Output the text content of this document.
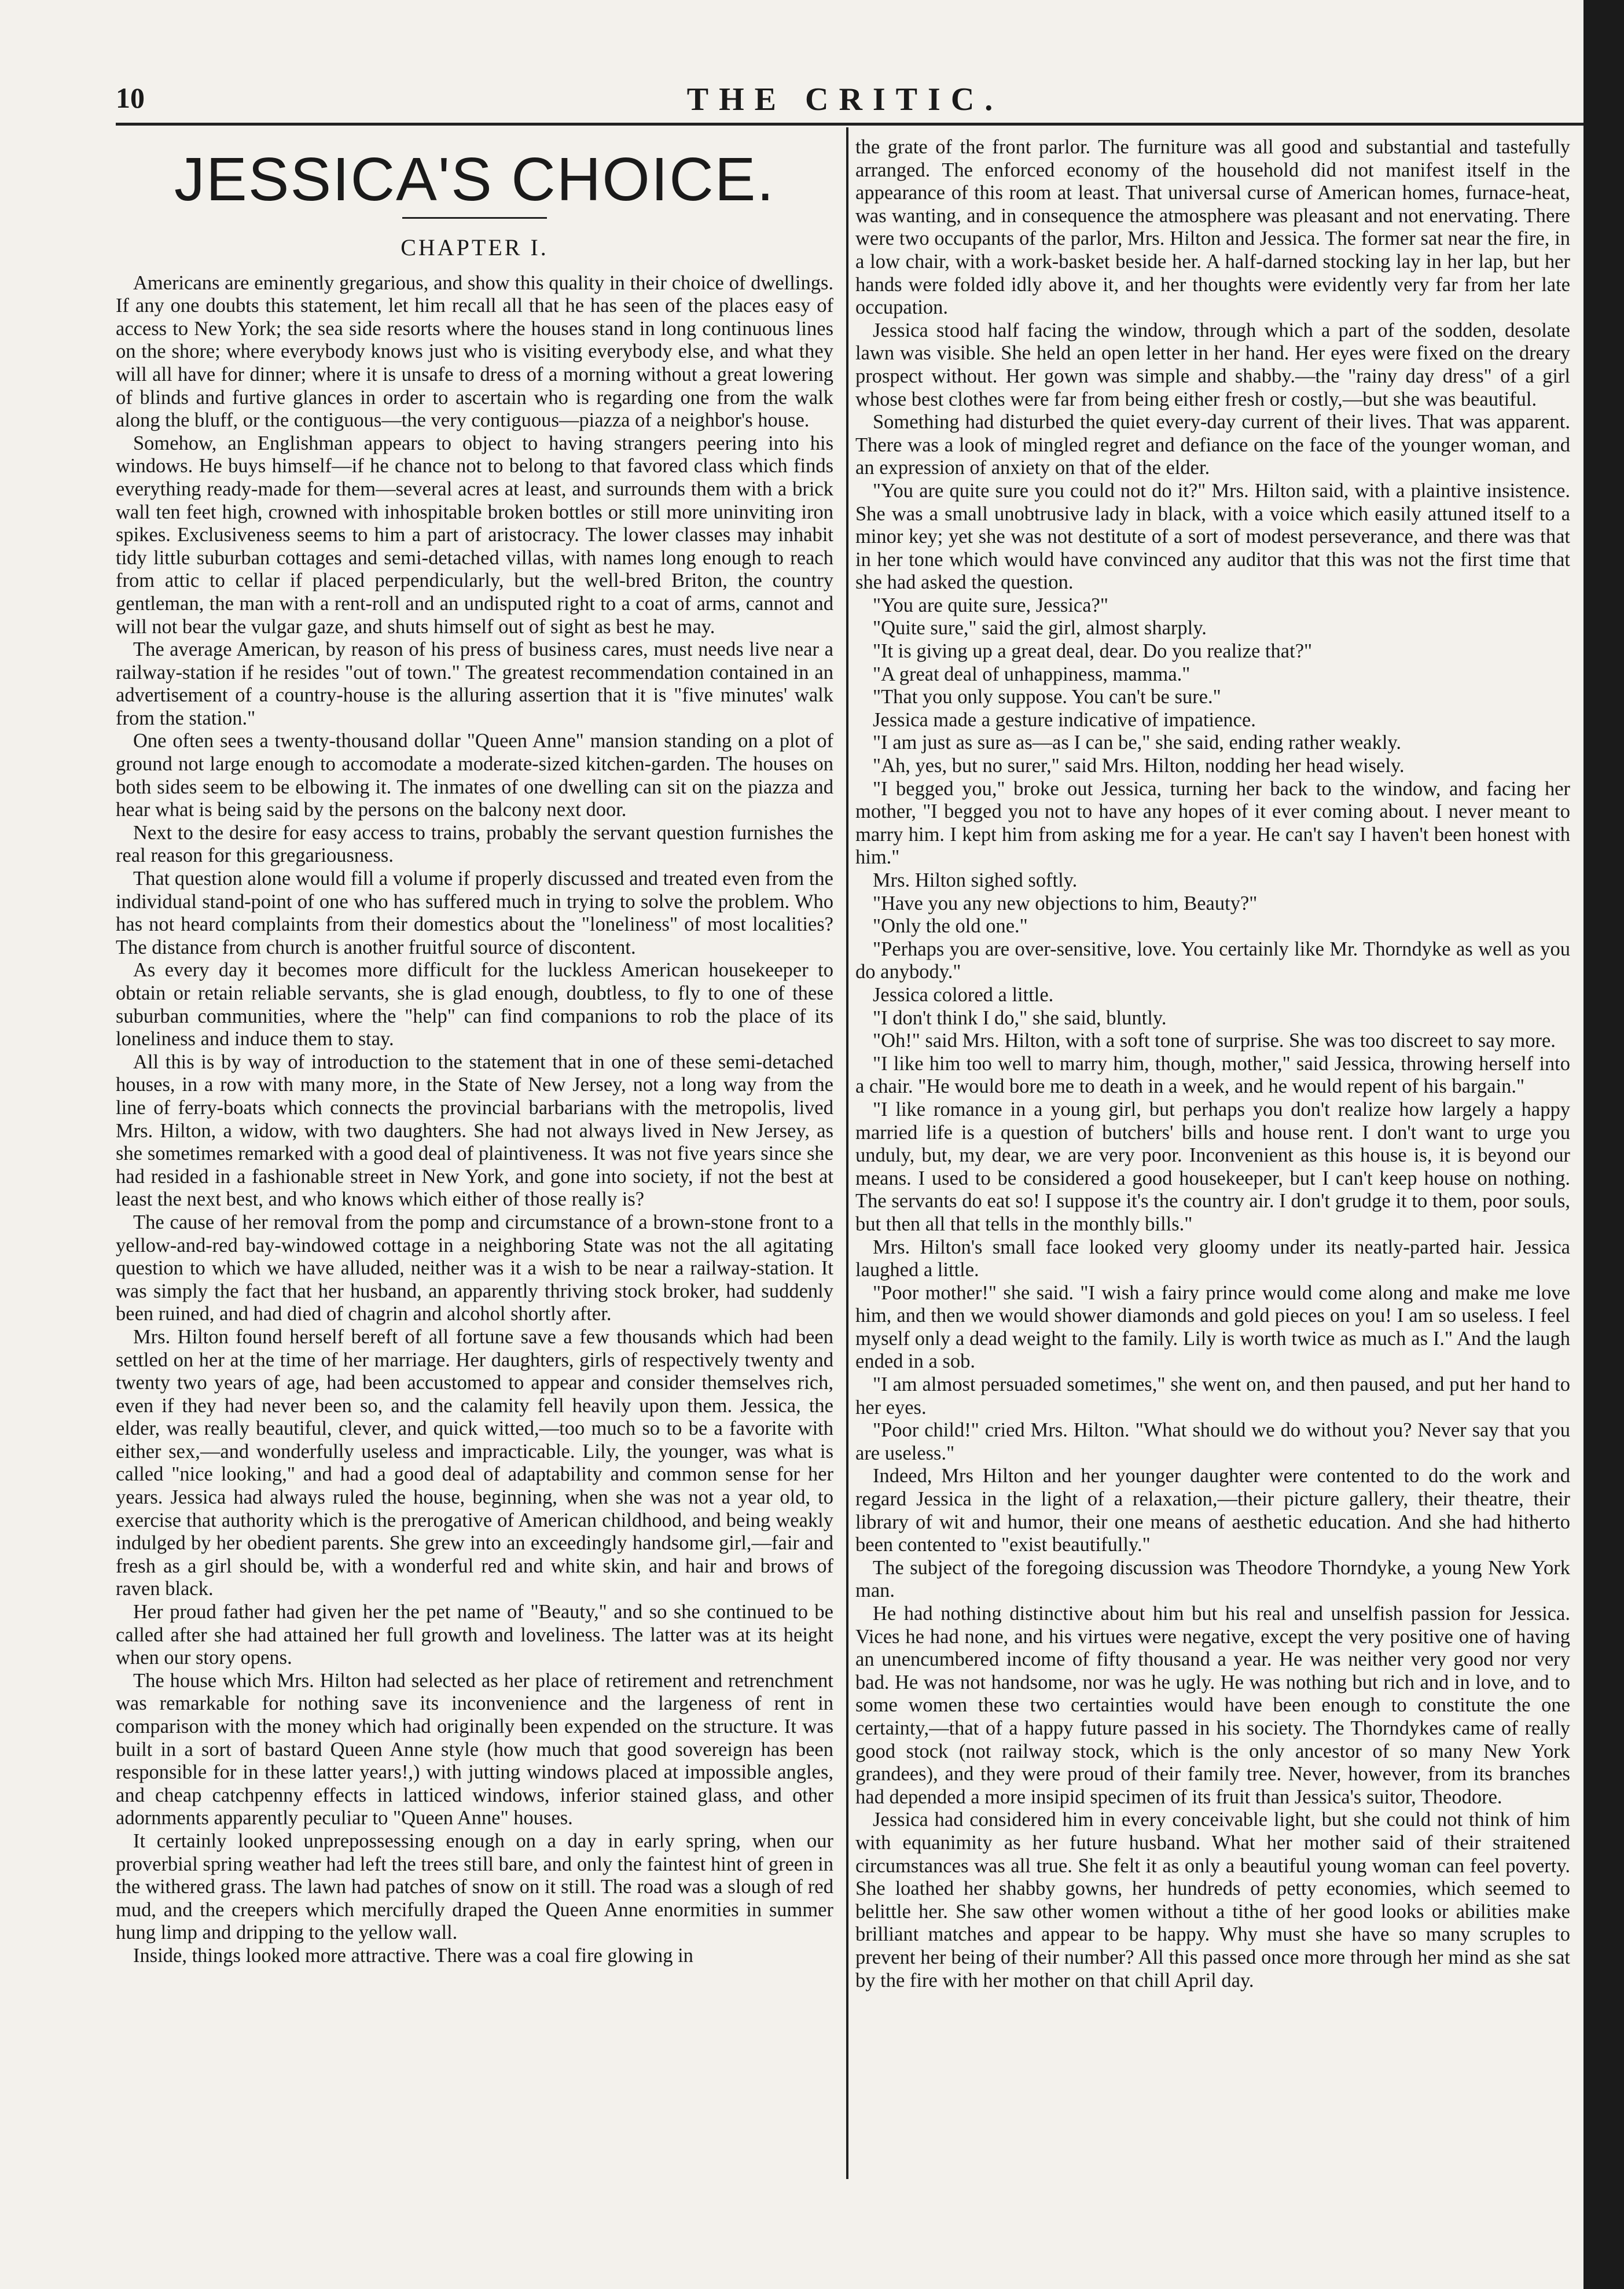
10	THE CRITIC.
JESSICA'S CHOICE.
CHAPTER I.

Americans are eminently gregarious, and show this quality in their choice of dwellings. If any one doubts this statement, let him recall all that he has seen of the places easy of access to New York; the sea side resorts where the houses stand in long continuous lines on the shore; where everybody knows just who is visiting everybody else, and what they will all have for dinner; where it is unsafe to dress of a morning without a great lowering of blinds and furtive glances in order to ascertain who is regarding one from the walk along the bluff, or the contiguous—the very contiguous—piazza of a neighbor's house.

Somehow, an Englishman appears to object to having strangers peering into his windows. He buys himself—if he chance not to belong to that favored class which finds everything ready-made for them—several acres at least, and surrounds them with a brick wall ten feet high, crowned with inhospitable broken bottles or still more uninviting iron spikes. Exclusiveness seems to him a part of aristocracy. The lower classes may inhabit tidy little suburban cottages and semi-detached villas, with names long enough to reach from attic to cellar if placed perpendicularly, but the well-bred Briton, the country gentleman, the man with a rent-roll and an undisputed right to a coat of arms, cannot and will not bear the vulgar gaze, and shuts himself out of sight as best he may.

The average American, by reason of his press of business cares, must needs live near a railway-station if he resides "out of town." The greatest recommendation contained in an advertisement of a country-house is the alluring assertion that it is "five minutes' walk from the station."

One often sees a twenty-thousand dollar "Queen Anne" mansion standing on a plot of ground not large enough to accomodate a moderate-sized kitchen-garden. The houses on both sides seem to be elbowing it. The inmates of one dwelling can sit on the piazza and hear what is being said by the persons on the balcony next door.

Next to the desire for easy access to trains, probably the servant question furnishes the real reason for this gregariousness.

That question alone would fill a volume if properly discussed and treated even from the individual stand-point of one who has suffered much in trying to solve the problem. Who has not heard complaints from their domestics about the "loneliness" of most localities? The distance from church is another fruitful source of discontent.

As every day it becomes more difficult for the luckless American housekeeper to obtain or retain reliable servants, she is glad enough, doubtless, to fly to one of these suburban communities, where the "help" can find companions to rob the place of its loneliness and induce them to stay.

All this is by way of introduction to the statement that in one of these semi-detached houses, in a row with many more, in the State of New Jersey, not a long way from the line of ferry-boats which connects the provincial barbarians with the metropolis, lived Mrs. Hilton, a widow, with two daughters. She had not always lived in New Jersey, as she sometimes remarked with a good deal of plaintiveness. It was not five years since she had resided in a fashionable street in New York, and gone into society, if not the best at least the next best, and who knows which either of those really is?

The cause of her removal from the pomp and circumstance of a brown-stone front to a yellow-and-red bay-windowed cottage in a neighboring State was not the all agitating question to which we have alluded, neither was it a wish to be near a railway-station. It was simply the fact that her husband, an apparently thriving stock broker, had suddenly been ruined, and had died of chagrin and alcohol shortly after.

Mrs. Hilton found herself bereft of all fortune save a few thousands which had been settled on her at the time of her marriage. Her daughters, girls of respectively twenty and twenty two years of age, had been accustomed to appear and consider themselves rich, even if they had never been so, and the calamity fell heavily upon them. Jessica, the elder, was really beautiful, clever, and quick witted,—too much so to be a favorite with either sex,—and wonderfully useless and impracticable. Lily, the younger, was what is called "nice looking," and had a good deal of adaptability and common sense for her years. Jessica had always ruled the house, beginning, when she was not a year old, to exercise that authority which is the prerogative of American childhood, and being weakly indulged by her obedient parents. She grew into an exceedingly handsome girl,—fair and fresh as a girl should be, with a wonderful red and white skin, and hair and brows of raven black.

Her proud father had given her the pet name of "Beauty," and so she continued to be called after she had attained her full growth and loveliness. The latter was at its height when our story opens.

The house which Mrs. Hilton had selected as her place of retirement and retrenchment was remarkable for nothing save its inconvenience and the largeness of rent in comparison with the money which had originally been expended on the structure. It was built in a sort of bastard Queen Anne style (how much that good sovereign has been responsible for in these latter years!,) with jutting windows placed at impossible angles, and cheap catchpenny effects in latticed windows, inferior stained glass, and other adornments apparently peculiar to "Queen Anne" houses.

It certainly looked unprepossessing enough on a day in early spring, when our proverbial spring weather had left the trees still bare, and only the faintest hint of green in the withered grass. The lawn had patches of snow on it still. The road was a slough of red mud, and the creepers which mercifully draped the Queen Anne enormities in summer hung limp and dripping to the yellow wall.

Inside, things looked more attractive. There was a coal fire glowing in

the grate of the front parlor. The furniture was all good and substantial and tastefully arranged. The enforced economy of the household did not manifest itself in the appearance of this room at least. That universal curse of American homes, furnace-heat, was wanting, and in consequence the atmosphere was pleasant and not enervating. There were two occupants of the parlor, Mrs. Hilton and Jessica. The former sat near the fire, in a low chair, with a work-basket beside her. A half-darned stocking lay in her lap, but her hands were folded idly above it, and her thoughts were evidently very far from her late occupation.

Jessica stood half facing the window, through which a part of the sodden, desolate lawn was visible. She held an open letter in her hand. Her eyes were fixed on the dreary prospect without. Her gown was simple and shabby.—the "rainy day dress" of a girl whose best clothes were far from being either fresh or costly,—but she was beautiful.

Something had disturbed the quiet every-day current of their lives. That was apparent. There was a look of mingled regret and defiance on the face of the younger woman, and an expression of anxiety on that of the elder.

"You are quite sure you could not do it?" Mrs. Hilton said, with a plaintive insistence. She was a small unobtrusive lady in black, with a voice which easily attuned itself to a minor key; yet she was not destitute of a sort of modest perseverance, and there was that in her tone which would have convinced any auditor that this was not the first time that she had asked the question.

"You are quite sure, Jessica?"

"Quite sure," said the girl, almost sharply.

"It is giving up a great deal, dear. Do you realize that?"

"A great deal of unhappiness, mamma."

"That you only suppose. You can't be sure."

Jessica made a gesture indicative of impatience.

"I am just as sure as—as I can be," she said, ending rather weakly.

"Ah, yes, but no surer," said Mrs. Hilton, nodding her head wisely.

"I begged you," broke out Jessica, turning her back to the window, and facing her mother, "I begged you not to have any hopes of it ever coming about. I never meant to marry him. I kept him from asking me for a year. He can't say I haven't been honest with him."

Mrs. Hilton sighed softly.

"Have you any new objections to him, Beauty?"

"Only the old one."

"Perhaps you are over-sensitive, love. You certainly like Mr. Thorndyke as well as you do anybody."

Jessica colored a little.

"I don't think I do," she said, bluntly.

"Oh!" said Mrs. Hilton, with a soft tone of surprise. She was too discreet to say more.

"I like him too well to marry him, though, mother," said Jessica, throwing herself into a chair. "He would bore me to death in a week, and he would repent of his bargain."

"I like romance in a young girl, but perhaps you don't realize how largely a happy married life is a question of butchers' bills and house rent. I don't want to urge you unduly, but, my dear, we are very poor. Inconvenient as this house is, it is beyond our means. I used to be considered a good housekeeper, but I can't keep house on nothing. The servants do eat so! I suppose it's the country air. I don't grudge it to them, poor souls, but then all that tells in the monthly bills."

Mrs. Hilton's small face looked very gloomy under its neatly-parted hair. Jessica laughed a little.

"Poor mother!" she said. "I wish a fairy prince would come along and make me love him, and then we would shower diamonds and gold pieces on you! I am so useless. I feel myself only a dead weight to the family. Lily is worth twice as much as I." And the laugh ended in a sob.

"I am almost persuaded sometimes," she went on, and then paused, and put her hand to her eyes.

"Poor child!" cried Mrs. Hilton. "What should we do without you? Never say that you are useless."

Indeed, Mrs Hilton and her younger daughter were contented to do the work and regard Jessica in the light of a relaxation,—their picture gallery, their theatre, their library of wit and humor, their one means of aesthetic education. And she had hitherto been contented to "exist beautifully."

The subject of the foregoing discussion was Theodore Thorndyke, a young New York man.

He had nothing distinctive about him but his real and unselfish passion for Jessica. Vices he had none, and his virtues were negative, except the very positive one of having an unencumbered income of fifty thousand a year. He was neither very good nor very bad. He was not handsome, nor was he ugly. He was nothing but rich and in love, and to some women these two certainties would have been enough to constitute the one certainty,—that of a happy future passed in his society. The Thorndykes came of really good stock (not railway stock, which is the only ancestor of so many New York grandees), and they were proud of their family tree. Never, however, from its branches had depended a more insipid specimen of its fruit than Jessica's suitor, Theodore.

Jessica had considered him in every conceivable light, but she could not think of him with equanimity as her future husband. What her mother said of their straitened circumstances was all true. She felt it as only a beautiful young woman can feel poverty. She loathed her shabby gowns, her hundreds of petty economies, which seemed to belittle her. She saw other women without a tithe of her good looks or abilities make brilliant matches and appear to be happy. Why must she have so many scruples to prevent her being of their number? All this passed once more through her mind as she sat by the fire with her mother on that chill April day.
